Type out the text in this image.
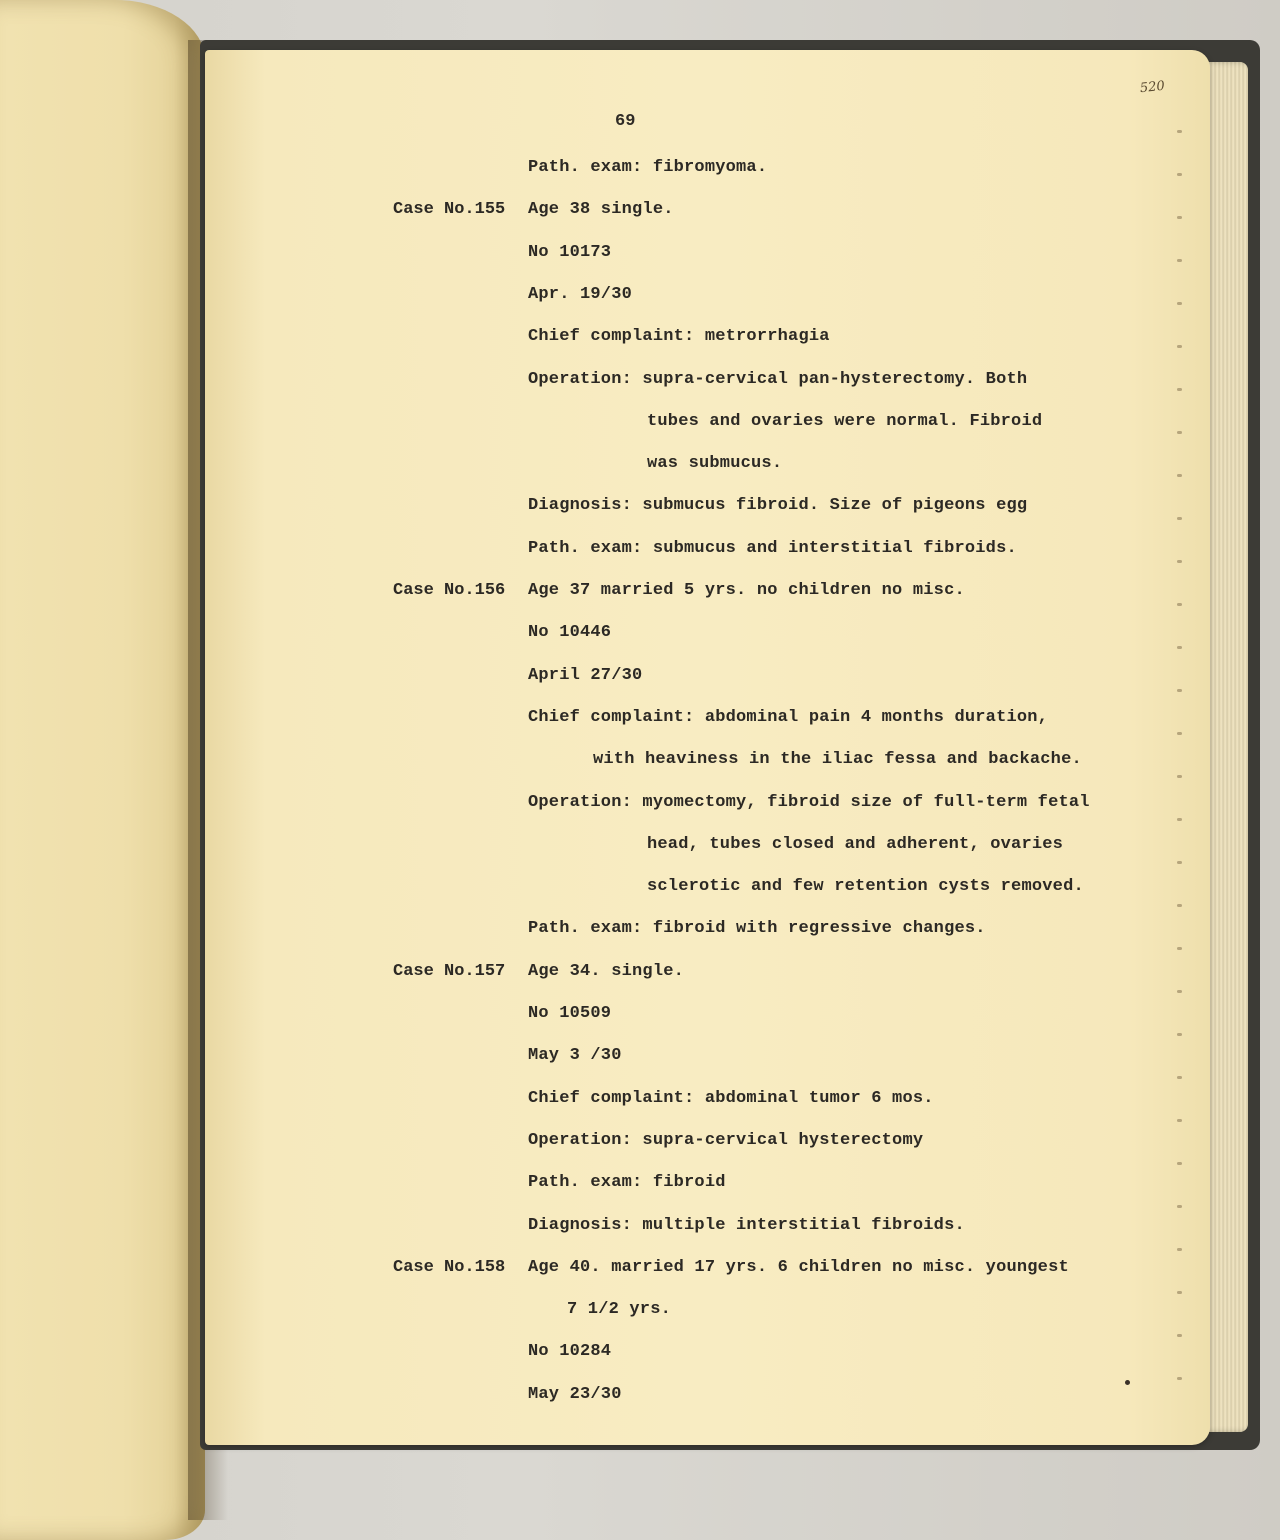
520
69
Path. exam: fibromyoma.
Age 38 single.
Case No.155
No 10173
Apr. 19/30
Chief complaint: metrorrhagia
Operation: supra-cervical pan-hysterectomy. Both
tubes and ovaries were normal. Fibroid
was submucus.
Diagnosis: submucus fibroid. Size of pigeons egg
Path. exam: submucus and interstitial fibroids.
Age 37 married 5 yrs. no children no misc.
Case No.156
No 10446
April 27/30
Chief complaint: abdominal pain 4 months duration,
with heaviness in the iliac fessa and backache.
Operation: myomectomy, fibroid size of full-term fetal
head, tubes closed and adherent, ovaries
sclerotic and few retention cysts removed.
Path. exam: fibroid with regressive changes.
Age 34. single.
Case No.157
No 10509
May 3 /30
Chief complaint: abdominal tumor 6 mos.
Operation: supra-cervical hysterectomy
Path. exam: fibroid
Diagnosis: multiple interstitial fibroids.
Age 40. married 17 yrs. 6 children no misc. youngest
Case No.158
7 1/2 yrs.
No 10284
May 23/30
